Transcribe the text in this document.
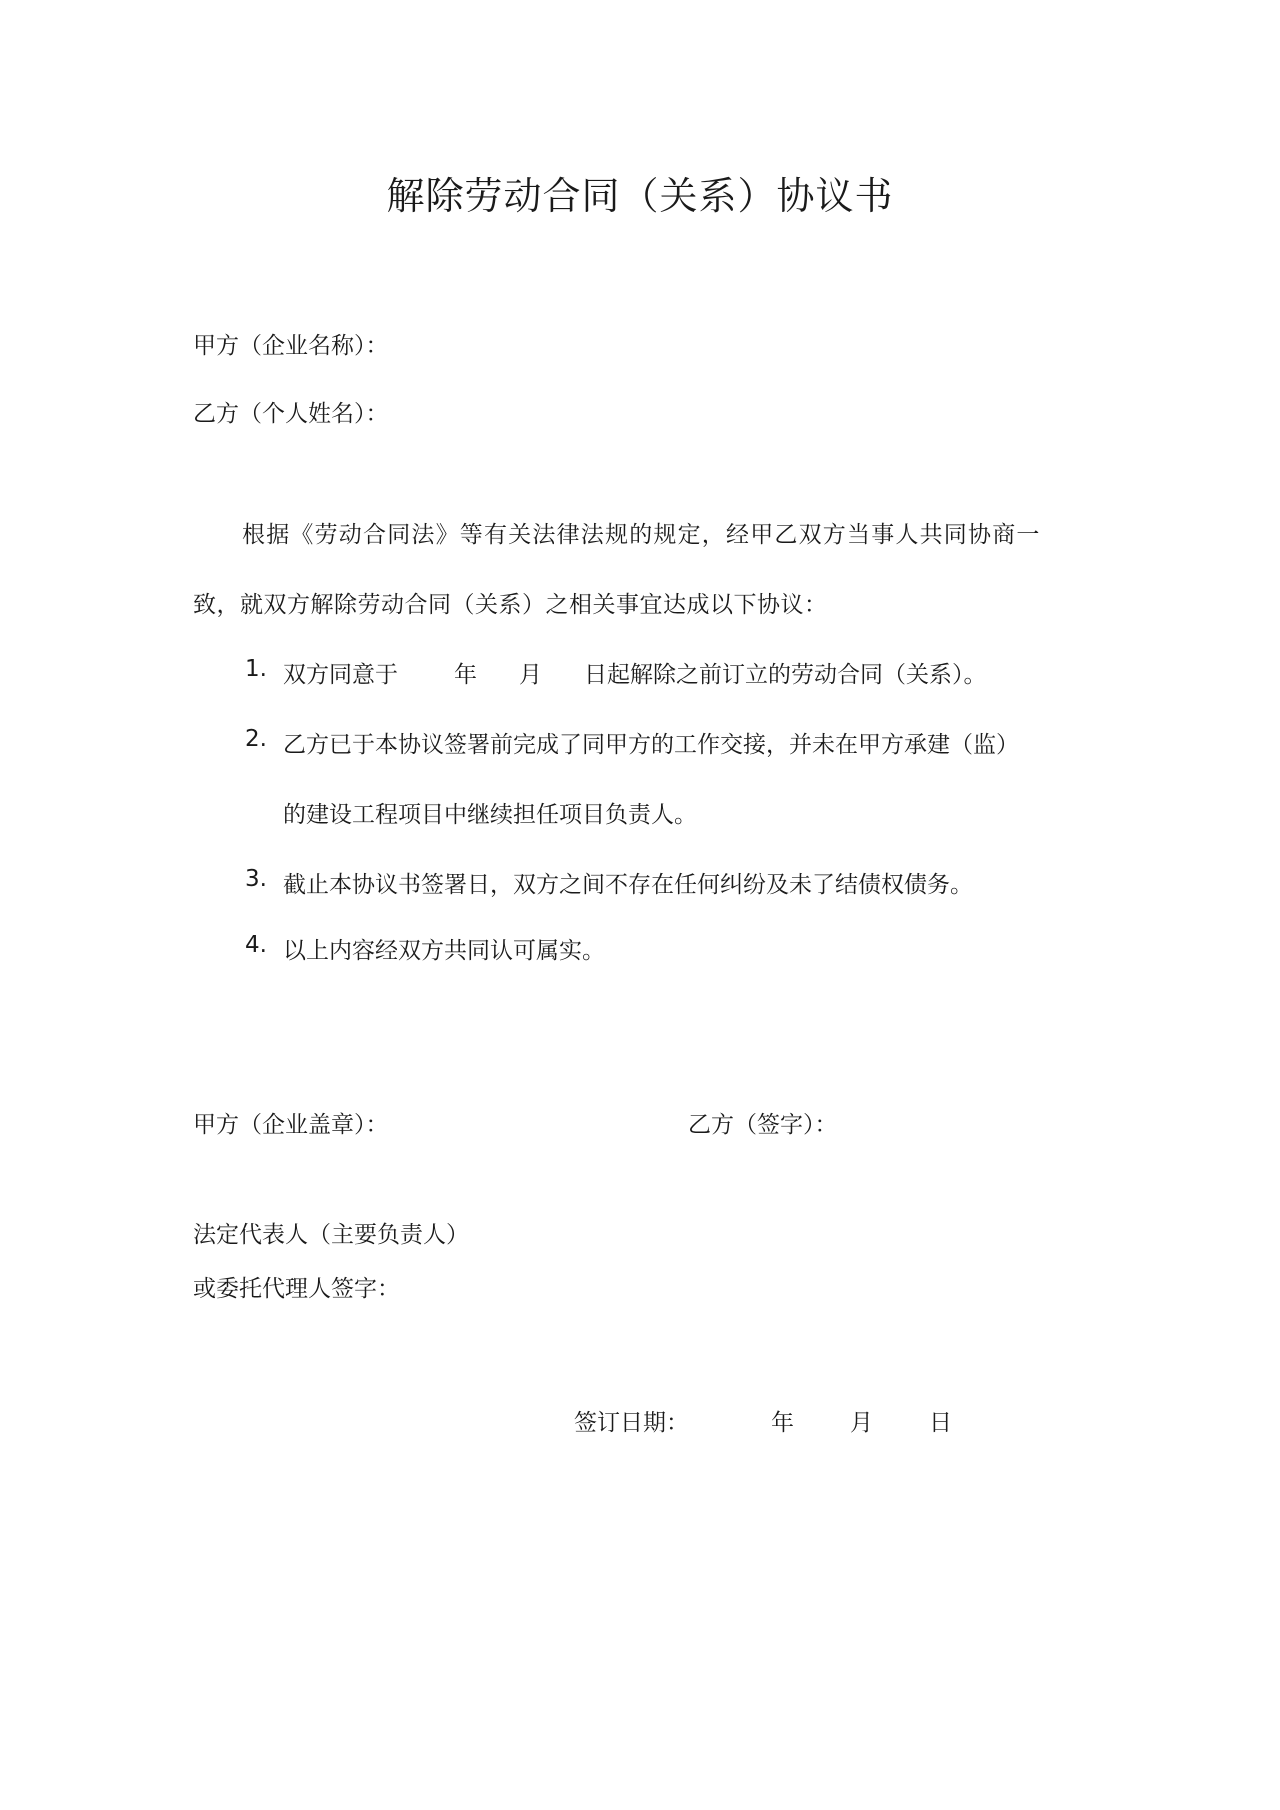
解除劳动合同（关系）协议书
甲方（企业名称）：
乙方（个人姓名）：
根据《劳动合同法》等有关法律法规的规定，经甲乙双方当事人共同协商一
致，就双方解除劳动合同（关系）之相关事宜达成以下协议：
1. 双方同意于 年 月 日起解除之前订立的劳动合同（关系）。
2. 乙方已于本协议签署前完成了同甲方的工作交接，并未在甲方承建（监）
的建设工程项目中继续担任项目负责人。
3. 截止本协议书签署日，双方之间不存在任何纠纷及未了结债权债务。
4. 以上内容经双方共同认可属实。
甲方（企业盖章）：	乙方（签字）：
法定代表人（主要负责人）
或委托代理人签字：
签订日期：	年 月 日
